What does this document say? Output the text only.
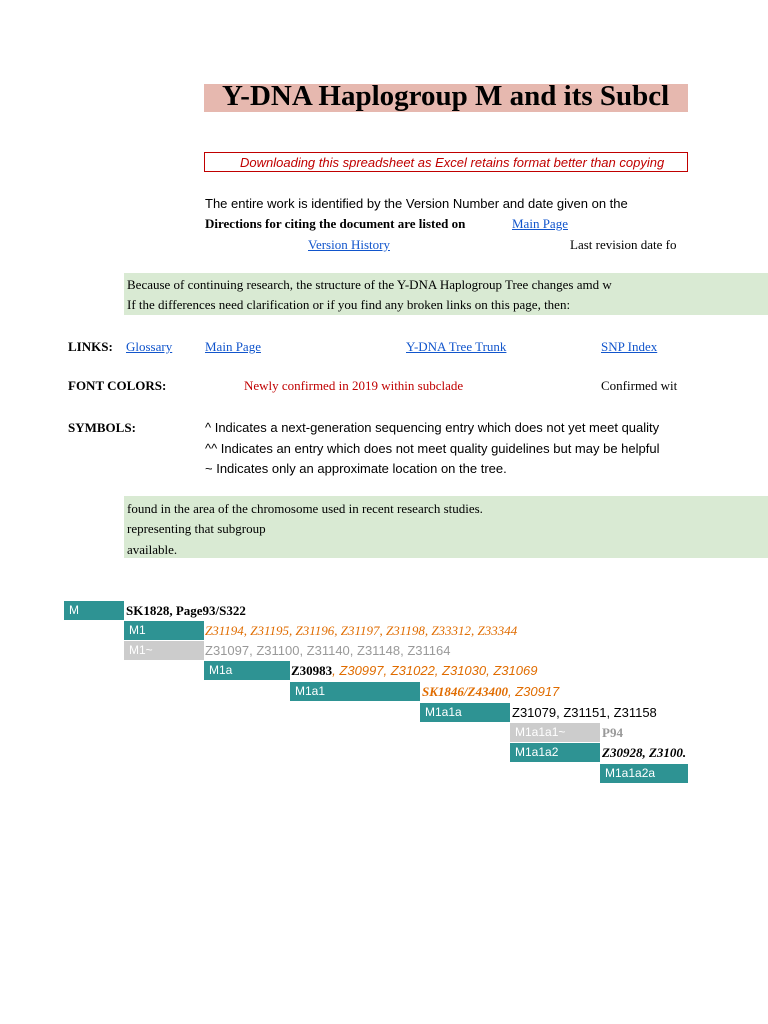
Y-DNA Haplogroup M and its Subcl
Downloading this spreadsheet as Excel retains format better than copying
The entire work is identified by the Version Number and date given on the
Directions for citing the document are listed on	Main Page
Version History	Last revision date fo
Because of continuing research, the structure of the Y-DNA Haplogroup Tree changes amd w
If the differences need clarification or if you find any broken links on this page, then:
LINKS:	Glossary	Main Page	Y-DNA Tree Trunk	SNP Index
FONT COLORS:	Newly confirmed in 2019 within subclade	Confirmed wit
SYMBOLS:	^ Indicates a next-generation sequencing entry which does not yet meet quality
^^ Indicates an entry which does not meet quality guidelines but may be helpful
~ Indicates only an approximate location on the tree.
found in the area of the chromosome used in recent research studies.
representing that subgroup
available.
M	SK1828, Page93/S322
M1	Z31194, Z31195, Z31196, Z31197, Z31198, Z33312, Z33344
M1~	Z31097, Z31100, Z31140, Z31148, Z31164
M1a	Z30983, Z30997, Z31022, Z31030, Z31069
M1a1	SK1846/Z43400, Z30917
M1a1a	Z31079, Z31151, Z31158
M1a1a1~	P94
M1a1a2	Z30928, Z3100.
M1a1a2a
